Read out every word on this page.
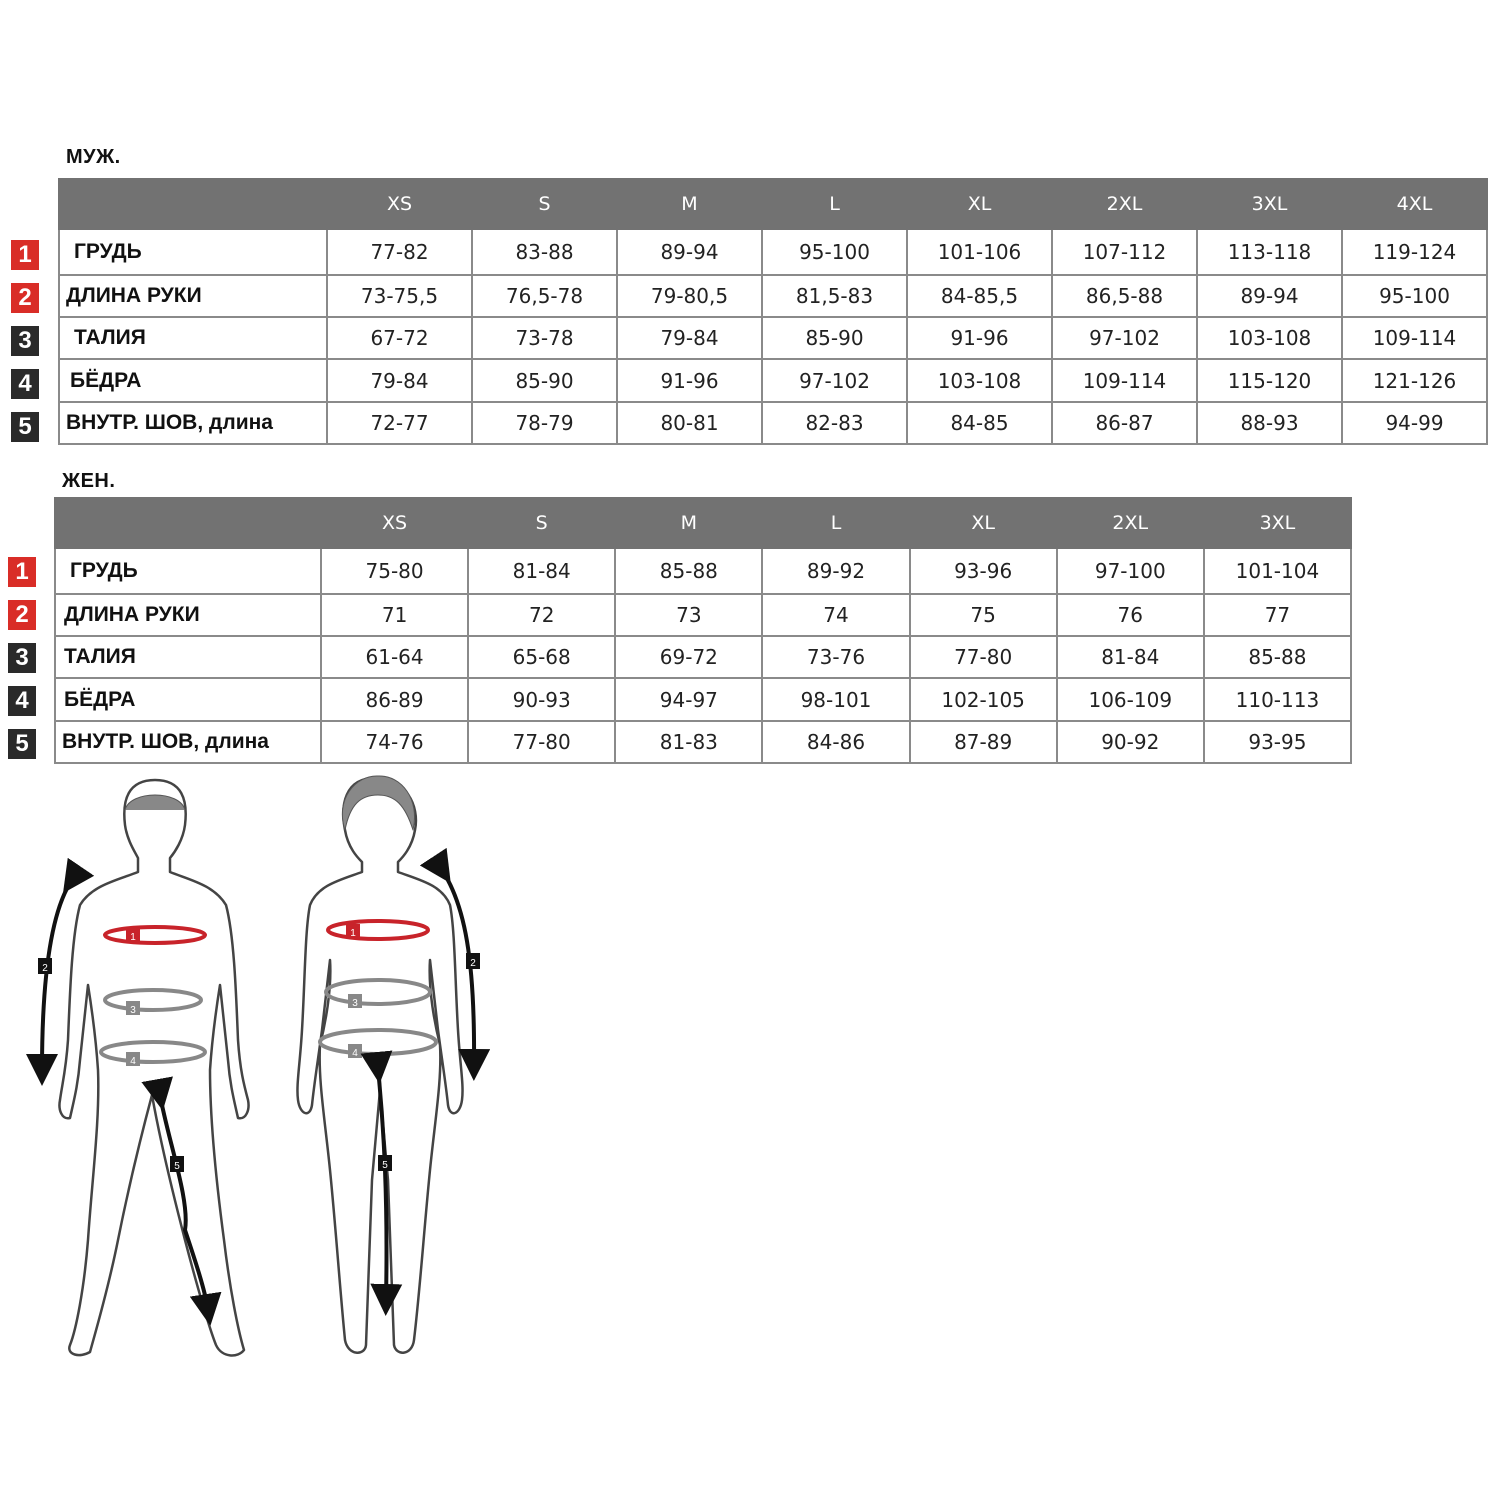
МУЖ.
1
2
3
4
5
	XS	S	M	L	XL	2XL	3XL	4XL
ГРУДЬ	77-82	83-88	89-94	95-100	101-106	107-112	113-118	119-124
ДЛИНА РУКИ	73-75,5	76,5-78	79-80,5	81,5-83	84-85,5	86,5-88	89-94	95-100
ТАЛИЯ	67-72	73-78	79-84	85-90	91-96	97-102	103-108	109-114
БЁДРА	79-84	85-90	91-96	97-102	103-108	109-114	115-120	121-126
ВНУТР. ШОВ, длина	72-77	78-79	80-81	82-83	84-85	86-87	88-93	94-99
ЖЕН.
1
2
3
4
5
	XS	S	M	L	XL	2XL	3XL
ГРУДЬ	75-80	81-84	85-88	89-92	93-96	97-100	101-104
ДЛИНА РУКИ	71	72	73	74	75	76	77
ТАЛИЯ	61-64	65-68	69-72	73-76	77-80	81-84	85-88
БЁДРА	86-89	90-93	94-97	98-101	102-105	106-109	110-113
ВНУТР. ШОВ, длина	74-76	77-80	81-83	84-86	87-89	90-92	93-95
1
3
4
2
5
1
3
4
2
5
